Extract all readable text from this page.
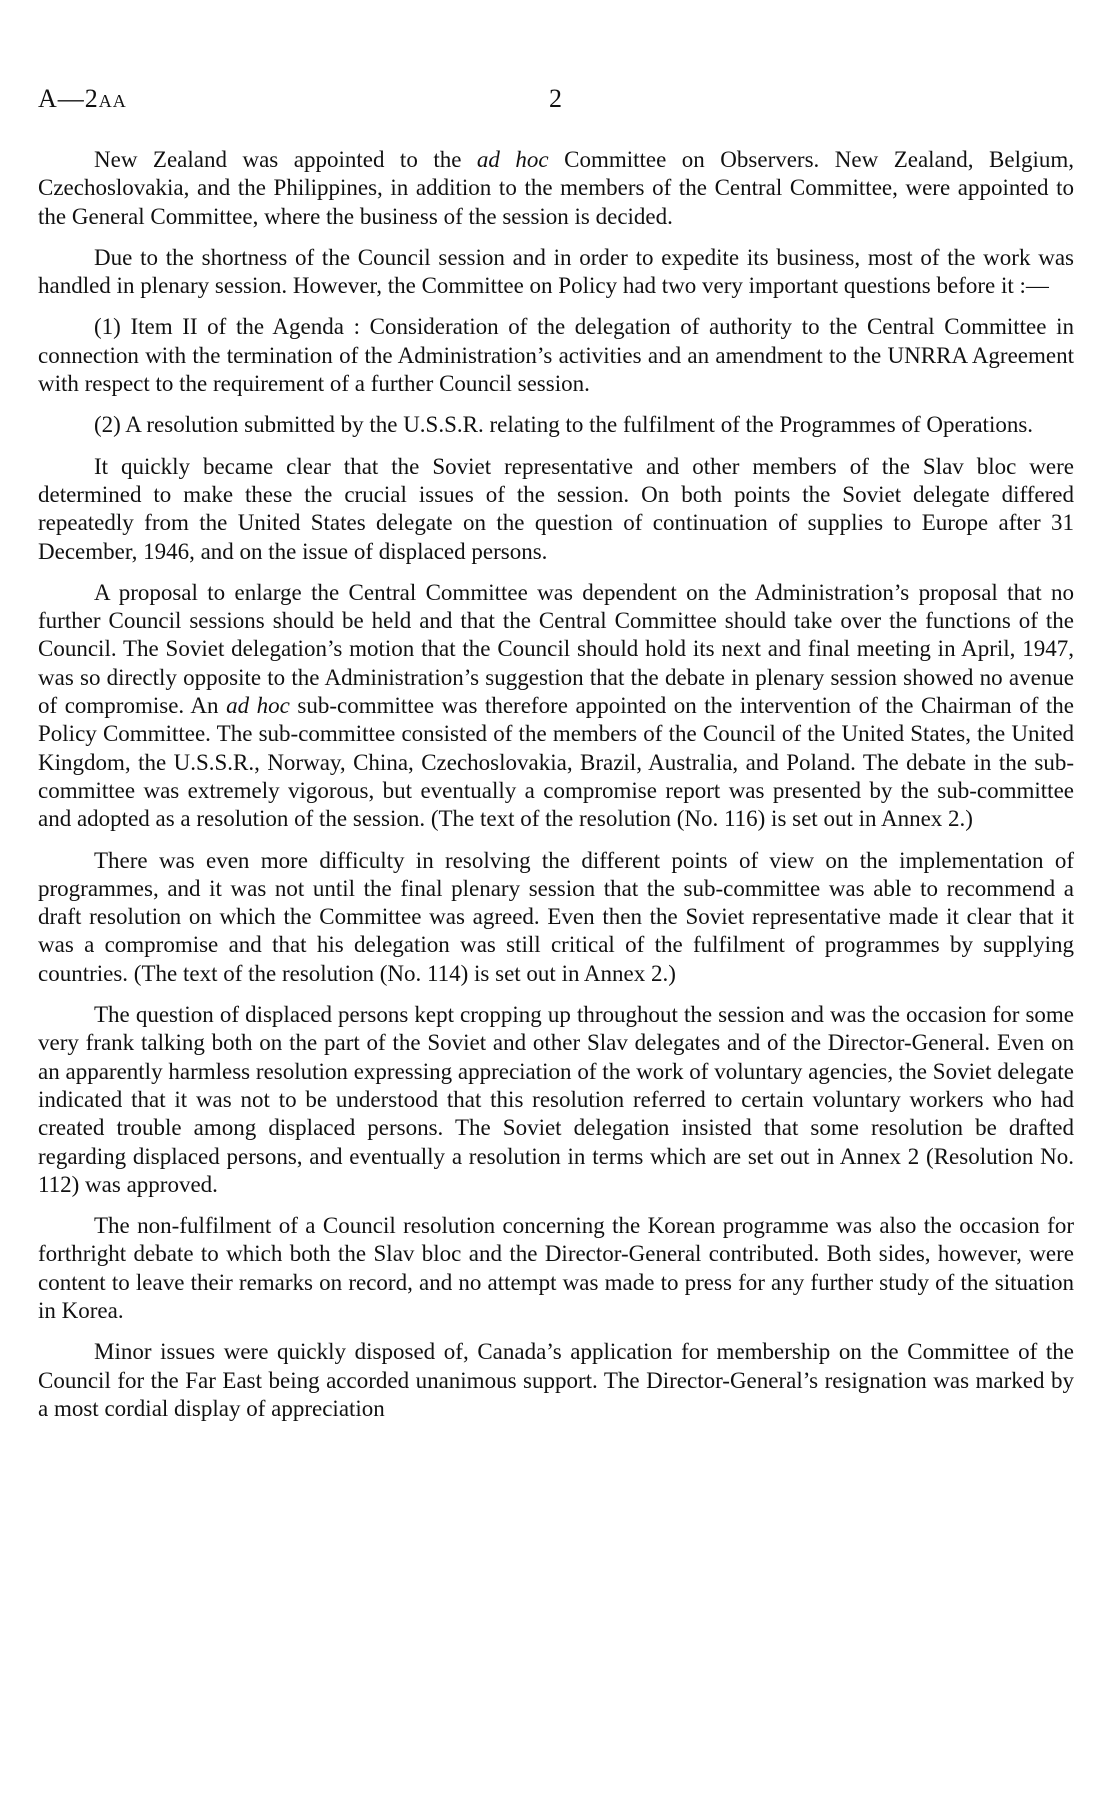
A—2AA	2

New Zealand was appointed to the ad hoc Committee on Observers. New Zealand, Belgium, Czechoslovakia, and the Philippines, in addition to the members of the Central Committee, were appointed to the General Committee, where the business of the session is decided.

Due to the shortness of the Council session and in order to expedite its business, most of the work was handled in plenary session. However, the Committee on Policy had two very important questions before it :—

(1) Item II of the Agenda : Consideration of the delegation of authority to the Central Committee in connection with the termination of the Administration’s activities and an amendment to the UNRRA Agreement with respect to the requirement of a further Council session.

(2) A resolution submitted by the U.S.S.R. relating to the fulfilment of the Programmes of Operations.

It quickly became clear that the Soviet representative and other members of the Slav bloc were determined to make these the crucial issues of the session. On both points the Soviet delegate differed repeatedly from the United States delegate on the question of continuation of supplies to Europe after 31 December, 1946, and on the issue of displaced persons.

A proposal to enlarge the Central Committee was dependent on the Administration’s proposal that no further Council sessions should be held and that the Central Committee should take over the functions of the Council. The Soviet delegation’s motion that the Council should hold its next and final meeting in April, 1947, was so directly opposite to the Administration’s suggestion that the debate in plenary session showed no avenue of compromise. An ad hoc sub-committee was therefore appointed on the intervention of the Chairman of the Policy Committee. The sub-committee consisted of the members of the Council of the United States, the United Kingdom, the U.S.S.R., Norway, China, Czechoslovakia, Brazil, Australia, and Poland. The debate in the sub-committee was extremely vigorous, but eventually a compromise report was presented by the sub-committee and adopted as a resolution of the session. (The text of the resolution (No. 116) is set out in Annex 2.)

There was even more difficulty in resolving the different points of view on the implementation of programmes, and it was not until the final plenary session that the sub-committee was able to recommend a draft resolution on which the Committee was agreed. Even then the Soviet representative made it clear that it was a compromise and that his delegation was still critical of the fulfilment of programmes by supplying countries. (The text of the resolution (No. 114) is set out in Annex 2.)

The question of displaced persons kept cropping up throughout the session and was the occasion for some very frank talking both on the part of the Soviet and other Slav delegates and of the Director-General. Even on an apparently harmless resolution expressing appreciation of the work of voluntary agencies, the Soviet delegate indicated that it was not to be understood that this resolution referred to certain voluntary workers who had created trouble among displaced persons. The Soviet delegation insisted that some resolution be drafted regarding displaced persons, and eventually a resolution in terms which are set out in Annex 2 (Resolution No. 112) was approved.

The non-fulfilment of a Council resolution concerning the Korean programme was also the occasion for forthright debate to which both the Slav bloc and the Director-General contributed. Both sides, however, were content to leave their remarks on record, and no attempt was made to press for any further study of the situation in Korea.

Minor issues were quickly disposed of, Canada’s application for membership on the Committee of the Council for the Far East being accorded unanimous support. The Director-General’s resignation was marked by a most cordial display of appreciation
